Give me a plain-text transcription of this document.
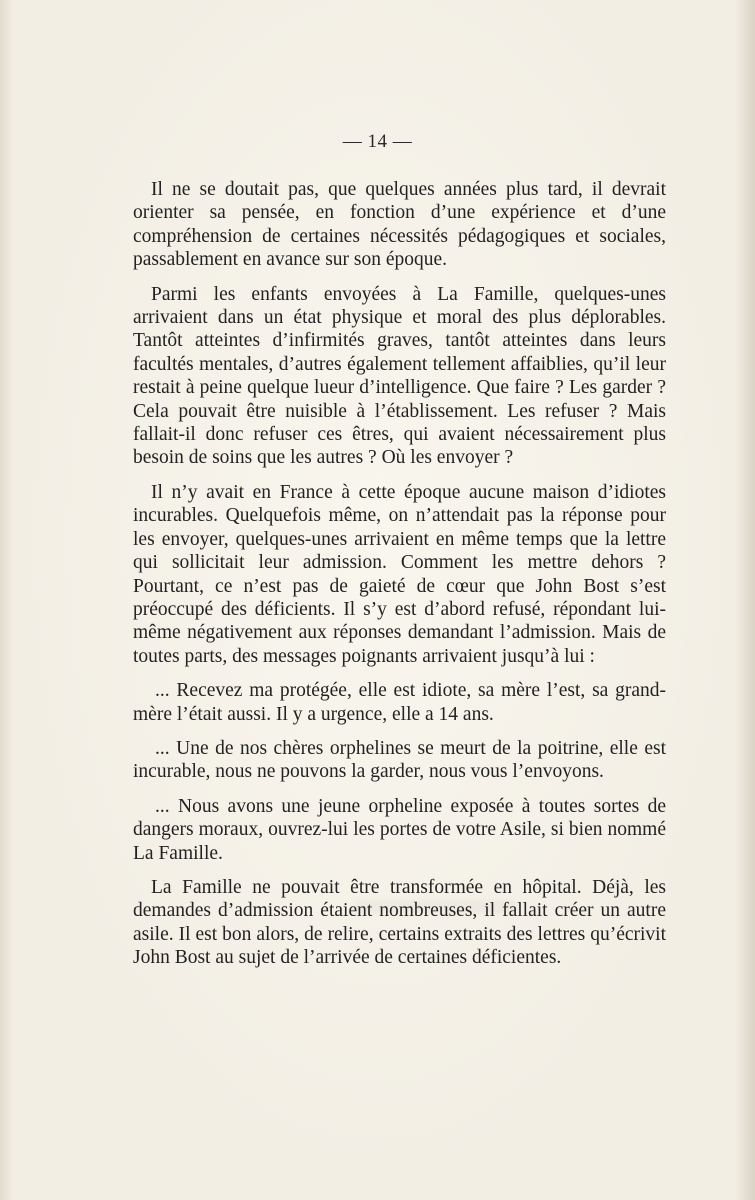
— 14 —

Il ne se doutait pas, que quelques années plus tard, il devrait orienter sa pensée, en fonction d’une expérience et d’une compréhension de certaines nécessités pédagogiques et sociales, passablement en avance sur son époque.

Parmi les enfants envoyées à La Famille, quelques-unes arrivaient dans un état physique et moral des plus déplorables. Tantôt atteintes d’infirmités graves, tantôt atteintes dans leurs facultés mentales, d’autres également tellement affaiblies, qu’il leur restait à peine quelque lueur d’intelligence. Que faire ? Les garder ? Cela pouvait être nuisible à l’établissement. Les refuser ? Mais fallait-il donc refuser ces êtres, qui avaient nécessairement plus besoin de soins que les autres ? Où les envoyer ?

Il n’y avait en France à cette époque aucune maison d’idiotes incurables. Quelquefois même, on n’attendait pas la réponse pour les envoyer, quelques-unes arrivaient en même temps que la lettre qui sollicitait leur admission. Comment les mettre dehors ? Pourtant, ce n’est pas de gaieté de cœur que John Bost s’est préoccupé des déficients. Il s’y est d’abord refusé, répondant lui-même négativement aux réponses demandant l’admission. Mais de toutes parts, des messages poignants arrivaient jusqu’à lui :

... Recevez ma protégée, elle est idiote, sa mère l’est, sa grand-mère l’était aussi. Il y a urgence, elle a 14 ans.

... Une de nos chères orphelines se meurt de la poitrine, elle est incurable, nous ne pouvons la garder, nous vous l’envoyons.

... Nous avons une jeune orpheline exposée à toutes sortes de dangers moraux, ouvrez-lui les portes de votre Asile, si bien nommé La Famille.

La Famille ne pouvait être transformée en hôpital. Déjà, les demandes d’admission étaient nombreuses, il fallait créer un autre asile. Il est bon alors, de relire, certains extraits des lettres qu’écrivit John Bost au sujet de l’arrivée de certaines déficientes.
